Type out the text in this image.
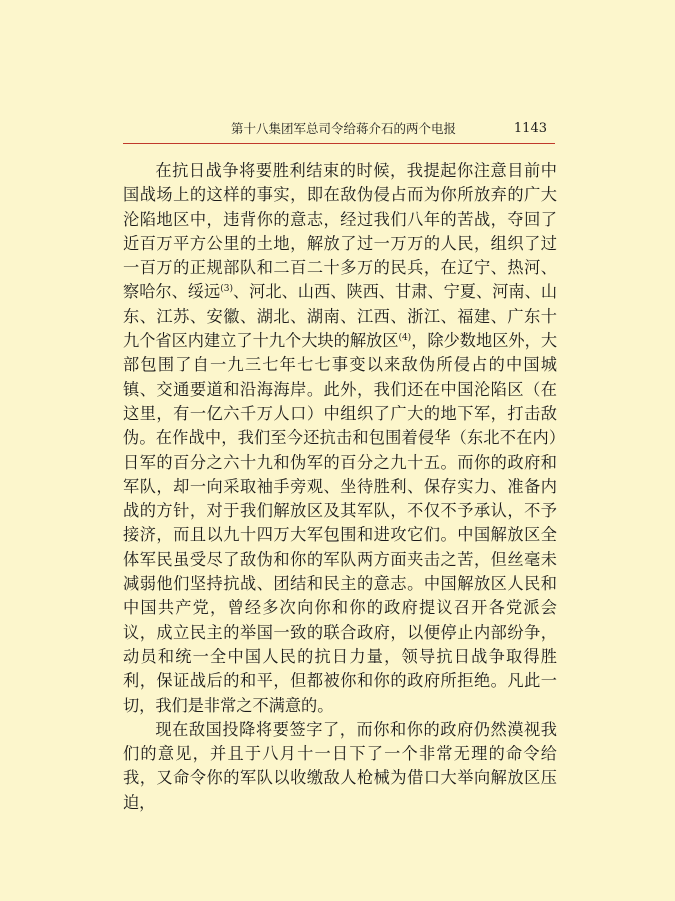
第十八集团军总司令给蒋介石的两个电报	1143

在抗日战争将要胜利结束的时候，我提起你注意目前中国战场上的这样的事实，即在敌伪侵占而为你所放弃的广大沦陷地区中，违背你的意志，经过我们八年的苦战，夺回了近百万平方公里的土地，解放了过一万万的人民，组织了过一百万的正规部队和二百二十多万的民兵，在辽宁、热河、察哈尔、绥远$^{(3)}$、河北、山西、陕西、甘肃、宁夏、河南、山东、江苏、安徽、湖北、湖南、江西、浙江、福建、广东十九个省区内建立了十九个大块的解放区$^{(4)}$，除少数地区外，大部包围了自一九三七年七七事变以来敌伪所侵占的中国城镇、交通要道和沿海海岸。此外，我们还在中国沦陷区（在这里，有一亿六千万人口）中组织了广大的地下军，打击敌伪。在作战中，我们至今还抗击和包围着侵华（东北不在内）日军的百分之六十九和伪军的百分之九十五。而你的政府和军队，却一向采取袖手旁观、坐待胜利、保存实力、准备内战的方针，对于我们解放区及其军队，不仅不予承认，不予接济，而且以九十四万大军包围和进攻它们。中国解放区全体军民虽受尽了敌伪和你的军队两方面夹击之苦，但丝毫未减弱他们坚持抗战、团结和民主的意志。中国解放区人民和中国共产党，曾经多次向你和你的政府提议召开各党派会议，成立民主的举国一致的联合政府，以便停止内部纷争，动员和统一全中国人民的抗日力量，领导抗日战争取得胜利，保证战后的和平，但都被你和你的政府所拒绝。凡此一切，我们是非常之不满意的。

现在敌国投降将要签字了，而你和你的政府仍然漠视我们的意见，并且于八月十一日下了一个非常无理的命令给我，又命令你的军队以收缴敌人枪械为借口大举向解放区压迫，
